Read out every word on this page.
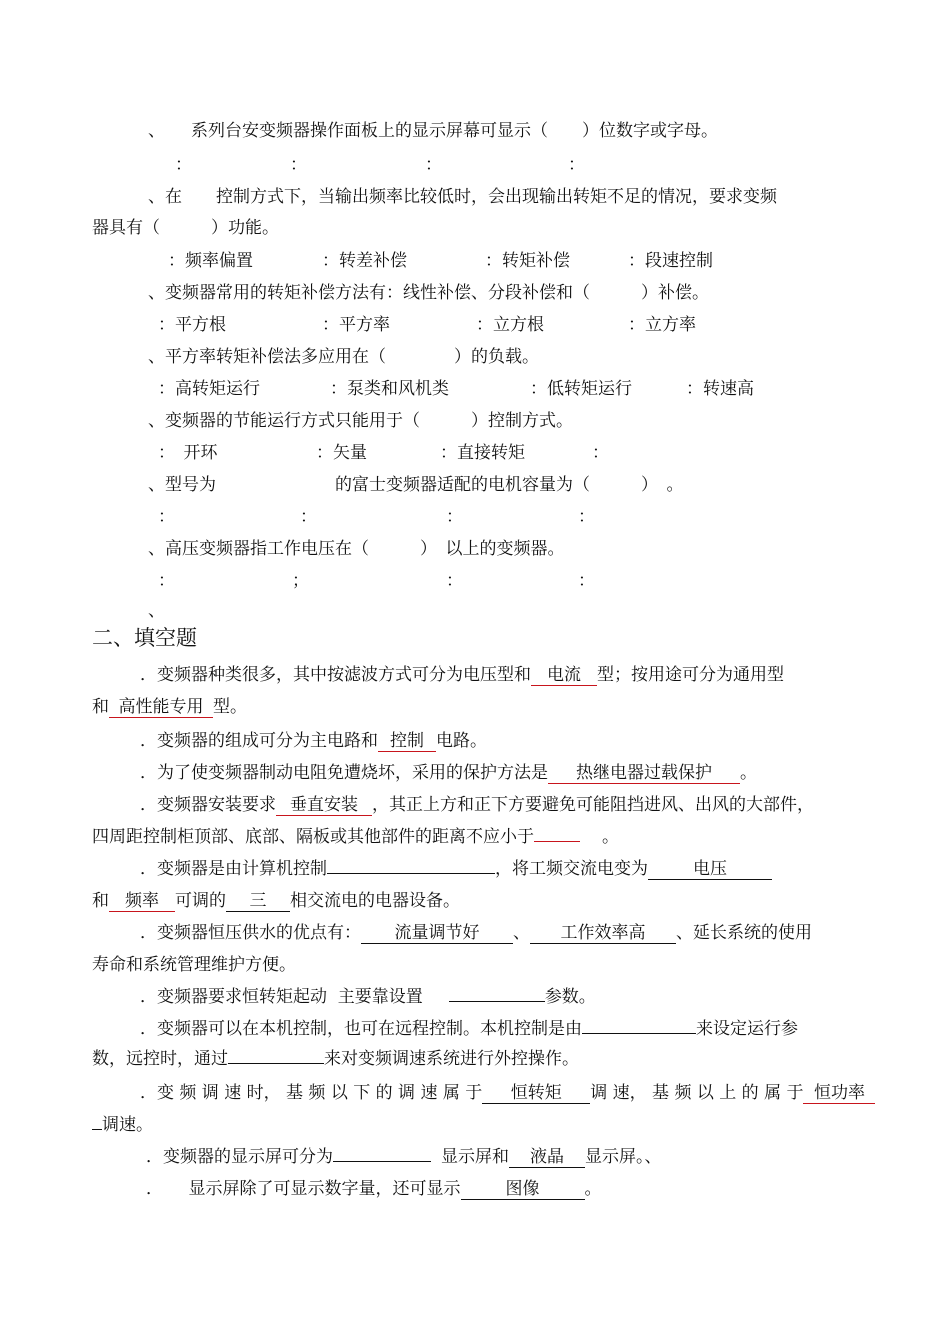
、 系列台安变频器操作面板上的显示屏幕可显示（　　）位数字或字母。
：	：	：	：
、在　　控制方式下，当输出频率比较低时，会出现输出转矩不足的情况，要求变频
器具有（　　　）功能。
：频率偏置	：转差补偿	：转矩补偿	：段速控制
、变频器常用的转矩补偿方法有：线性补偿、分段补偿和（　　　）补偿。
：平方根	：平方率	：立方根	：立方率
、平方率转矩补偿法多应用在（　　　　）的负载。
：高转矩运行	：泵类和风机类	：低转矩运行	：转速高
、变频器的节能运行方式只能用于（　　　）控制方式。
：　开环	：矢量	：直接转矩	：
、型号为　　　　　　　的富士变频器适配的电机容量为（　　　）　。
：	：	：	：
、高压变频器指工作电压在（　　　）　以上的变频器。
：	；	：	：
、
二、填空题
．变频器种类很多，其中按滤波方式可分为电压型和 电流 型；按用途可分为通用型
和 高性能专用 型。
．变频器的组成可分为主电路和 控制 电路。
．为了使变频器制动电阻免遭烧坏，采用的保护方法是 热继电器过载保护 。
．变频器安装要求 垂直安装 ，其正上方和正下方要避免可能阻挡进风、出风的大部件，
四周距控制柜顶部、底部、隔板或其他部件的距离不应小于	。
．变频器是由计算机控制	，将工频交流电变为	电压
和 频率 可调的 三 相交流电的电器设备。
．变频器恒压供水的优点有： 流量调节好 、 工作效率高 、延长系统的使用
寿命和系统管理维护方便。
．变频器要求恒转矩起动  主要靠设置	参数。
．变频器可以在本机控制，也可在远程控制。本机控制是由	来设定运行参
数，远控时，通过	来对变频调速系统进行外控操作。
．变 频 调 速 时， 基 频 以 下 的 调 速 属 于 恒转矩 调 速， 基 频 以 上 的 属 于 恒功率
调速。
．变频器的显示屏可分为	显示屏和 液晶 显示屏。、
．　　显示屏除了可显示数字量，还可显示	图像	。
